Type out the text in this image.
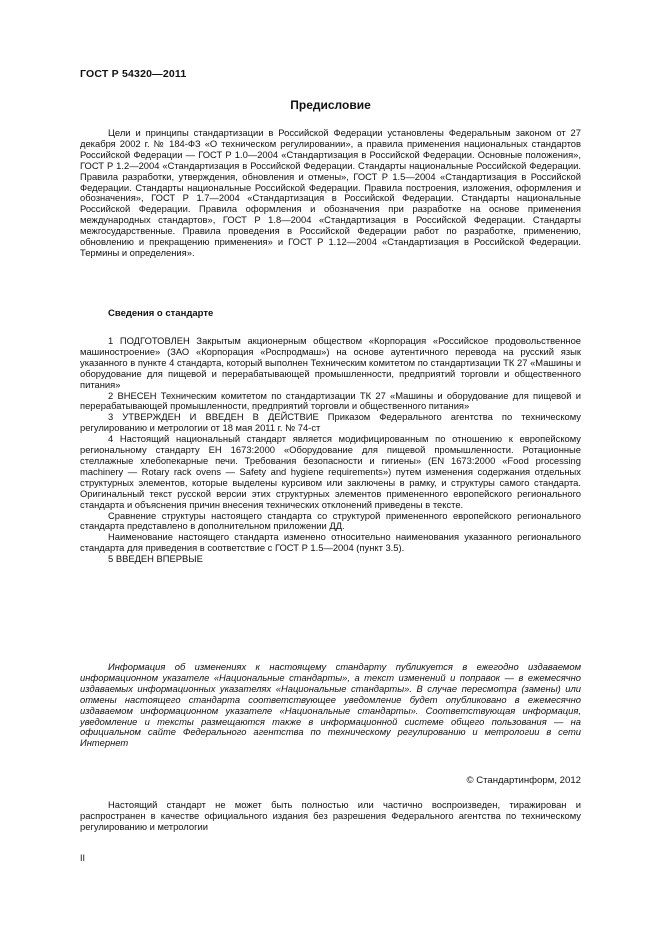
ГОСТ Р 54320—2011
Предисловие

Цели и принципы стандартизации в Российской Федерации установлены Федеральным законом от 27 декабря 2002 г. № 184-ФЗ «О техническом регулировании», а правила применения национальных стандартов Российской Федерации — ГОСТ Р 1.0—2004 «Стандартизация в Российской Федерации. Основные положения», ГОСТ Р 1.2—2004 «Стандартизация в Российской Федерации. Стандарты национальные Российской Федерации. Правила разработки, утверждения, обновления и отмены», ГОСТ Р 1.5—2004 «Стандартизация в Российской Федерации. Стандарты национальные Российской Федерации. Правила построения, изложения, оформления и обозначения», ГОСТ Р 1.7—2004 «Стандартизация в Российской Федерации. Стандарты национальные Российской Федерации. Правила оформления и обозначения при разработке на основе применения международных стандартов», ГОСТ Р 1.8—2004 «Стандартизация в Российской Федерации. Стандарты межгосударственные. Правила проведения в Российской Федерации работ по разработке, применению, обновлению и прекращению применения» и ГОСТ Р 1.12—2004 «Стандартизация в Российской Федерации. Термины и определения».

Сведения о стандарте

1 ПОДГОТОВЛЕН Закрытым акционерным обществом «Корпорация «Российское продовольственное машиностроение» (ЗАО «Корпорация «Роспродмаш») на основе аутентичного перевода на русский язык указанного в пункте 4 стандарта, который выполнен Техническим комитетом по стандартизации ТК 27 «Машины и оборудование для пищевой и перерабатывающей промышленности, предприятий торговли и общественного питания»

2 ВНЕСЕН Техническим комитетом по стандартизации ТК 27 «Машины и оборудование для пищевой и перерабатывающей промышленности, предприятий торговли и общественного питания»

3 УТВЕРЖДЕН И ВВЕДЕН В ДЕЙСТВИЕ Приказом Федерального агентства по техническому регулированию и метрологии от 18 мая 2011 г. № 74-ст

4 Настоящий национальный стандарт является модифицированным по отношению к европейскому региональному стандарту ЕН 1673:2000 «Оборудование для пищевой промышленности. Ротационные стеллажные хлебопекарные печи. Требования безопасности и гигиены» (EN 1673:2000 «Food processing machinery — Rotary rack ovens — Safety and hygiene requirements») путем изменения содержания отдельных структурных элементов, которые выделены курсивом или заключены в рамку, и структуры самого стандарта. Оригинальный текст русской версии этих структурных элементов примененного европейского регионального стандарта и объяснения причин внесения технических отклонений приведены в тексте.

Сравнение структуры настоящего стандарта со структурой примененного европейского регионального стандарта представлено в дополнительном приложении ДД.

Наименование настоящего стандарта изменено относительно наименования указанного регионального стандарта для приведения в соответствие с ГОСТ Р 1.5—2004 (пункт 3.5).

5 ВВЕДЕН ВПЕРВЫЕ

Информация об изменениях к настоящему стандарту публикуется в ежегодно издаваемом информационном указателе «Национальные стандарты», а текст изменений и поправок — в ежемесячно издаваемых информационных указателях «Национальные стандарты». В случае пересмотра (замены) или отмены настоящего стандарта соответствующее уведомление будет опубликовано в ежемесячно издаваемом информационном указателе «Национальные стандарты». Соответствующая информация, уведомление и тексты размещаются также в информационной системе общего пользования — на официальном сайте Федерального агентства по техническому регулированию и метрологии в сети Интернет

© Стандартинформ, 2012

Настоящий стандарт не может быть полностью или частично воспроизведен, тиражирован и распространен в качестве официального издания без разрешения Федерального агентства по техническому регулированию и метрологии

II
